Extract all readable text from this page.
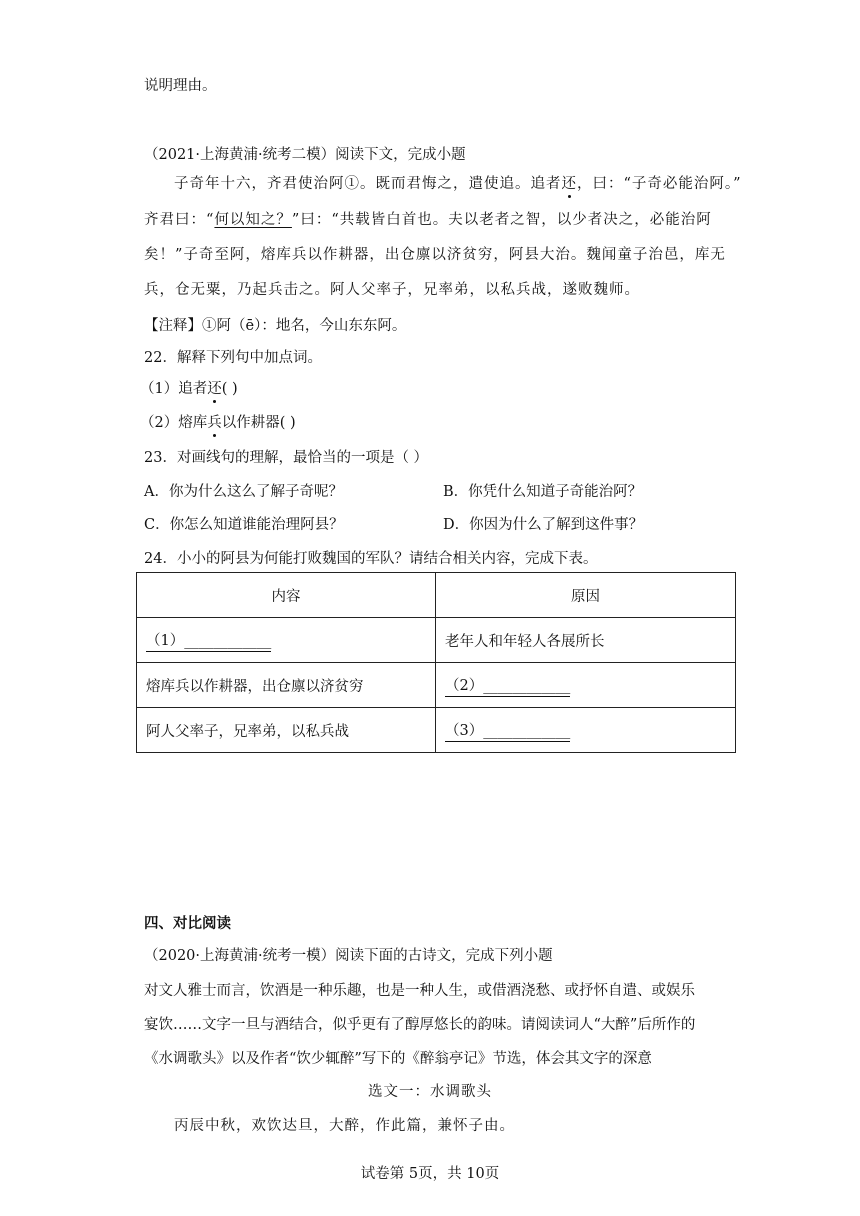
说明理由。
（2021·上海黄浦·统考二模）阅读下文，完成小题
子奇年十六，齐君使治阿①。既而君悔之，遣使追。追者还，曰：“子奇必能治阿。”
齐君曰：“何以知之？”曰：“共载皆白首也。夫以老者之智，以少者决之，必能治阿
矣！”子奇至阿，熔库兵以作耕器，出仓廪以济贫穷，阿县大治。魏闻童子治邑，库无
兵，仓无粟，乃起兵击之。阿人父率子，兄率弟，以私兵战，遂败魏师。
【注释】①阿（ē）：地名，今山东东阿。
22．解释下列句中加点词。
（1）追者还( )
（2）熔库兵以作耕器( )
23．对画线句的理解，最恰当的一项是（ ）
A．你为什么这么了解子奇呢？	B．你凭什么知道子奇能治阿？
C．你怎么知道谁能治理阿县？	D．你因为什么了解到这件事？
24．小小的阿县为何能打败魏国的军队？请结合相关内容，完成下表。
内容	原因
（1）____________	老年人和年轻人各展所长
熔库兵以作耕器，出仓廪以济贫穷	（2）____________
阿人父率子，兄率弟，以私兵战	（3）____________
四、对比阅读
（2020·上海黄浦·统考一模）阅读下面的古诗文，完成下列小题
对文人雅士而言，饮酒是一种乐趣，也是一种人生，或借酒浇愁、或抒怀自遣、或娱乐
宴饮……文字一旦与酒结合，似乎更有了醇厚悠长的韵味。请阅读词人“大醉”后所作的
《水调歌头》以及作者“饮少辄醉”写下的《醉翁亭记》节选，体会其文字的深意
选文一：水调歌头
丙辰中秋，欢饮达旦，大醉，作此篇，兼怀子由。
试卷第 5页，共 10页
